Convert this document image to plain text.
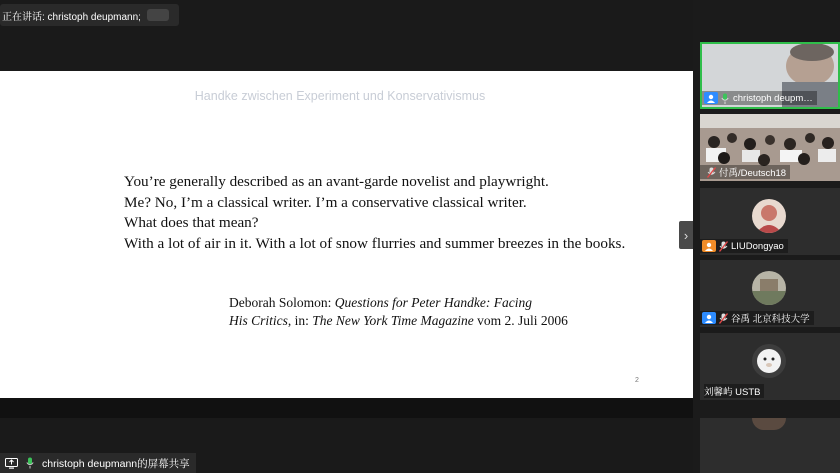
正在讲话: christoph deupmann;
Handke zwischen Experiment und Konservativismus

You’re generally described as an avant-garde novelist and playwright.

Me? No, I’m a classical writer. I’m a conservative classical writer.

What does that mean?

With a lot of air in it. With a lot of snow flurries and summer breezes in the books.

Deborah Solomon: Questions for Peter Handke: Facing

His Critics, in: The New York Time Magazine vom 2. Juli 2006

2
›
christoph deupmann的屏幕共享
christoph deupm…
付禹/Deutsch18
LIUDongyao
谷禹 北京科技大学
刘馨屿 USTB
